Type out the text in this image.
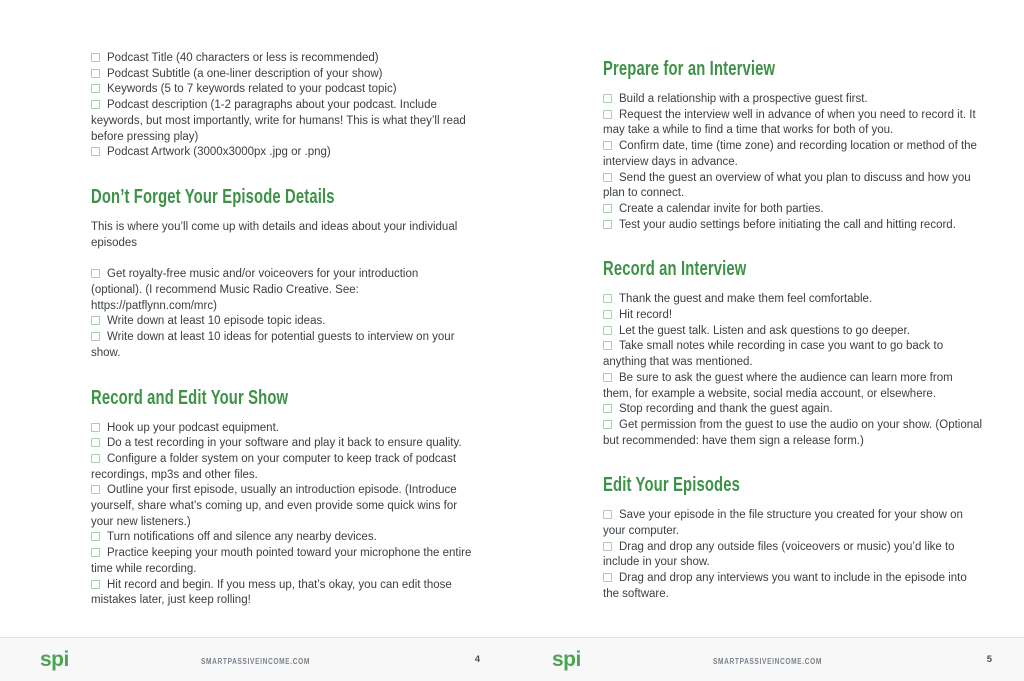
Podcast Title (40 characters or less is recommended)
Podcast Subtitle (a one-liner description of your show)
Keywords (5 to 7 keywords related to your podcast topic)
Podcast description (1-2 paragraphs about your podcast. Include keywords, but most importantly, write for humans! This is what they’ll read before pressing play)
Podcast Artwork (3000x3000px .jpg or .png)
Don’t Forget Your Episode Details

This is where you’ll come up with details and ideas about your individual episodes

Get royalty-free music and/or voiceovers for your introduction (optional). (I recommend Music Radio Creative. See: https://patflynn.com/mrc)
Write down at least 10 episode topic ideas.
Write down at least 10 ideas for potential guests to interview on your show.
Record and Edit Your Show
Hook up your podcast equipment.
Do a test recording in your software and play it back to ensure quality.
Configure a folder system on your computer to keep track of podcast recordings, mp3s and other files.
Outline your first episode, usually an introduction episode. (Introduce yourself, share what’s coming up, and even provide some quick wins for your new listeners.)
Turn notifications off and silence any nearby devices.
Practice keeping your mouth pointed toward your microphone the entire time while recording.
Hit record and begin. If you mess up, that’s okay, you can edit those mistakes later, just keep rolling!
Prepare for an Interview
Build a relationship with a prospective guest first.
Request the interview well in advance of when you need to record it. It may take a while to find a time that works for both of you.
Confirm date, time (time zone) and recording location or method of the interview days in advance.
Send the guest an overview of what you plan to discuss and how you plan to connect.
Create a calendar invite for both parties.
Test your audio settings before initiating the call and hitting record.
Record an Interview
Thank the guest and make them feel comfortable.
Hit record!
Let the guest talk. Listen and ask questions to go deeper.
Take small notes while recording in case you want to go back to anything that was mentioned.
Be sure to ask the guest where the audience can learn more from them, for example a website, social media account, or elsewhere.
Stop recording and thank the guest again.
Get permission from the guest to use the audio on your show. (Optional but recommended: have them sign a release form.)
Edit Your Episodes
Save your episode in the file structure you created for your show on your computer.
Drag and drop any outside files (voiceovers or music) you’d like to include in your show.
Drag and drop any interviews you want to include in the episode into the software.
spi	SMARTPASSIVEINCOME.COM	4	spi	SMARTPASSIVEINCOME.COM	5
